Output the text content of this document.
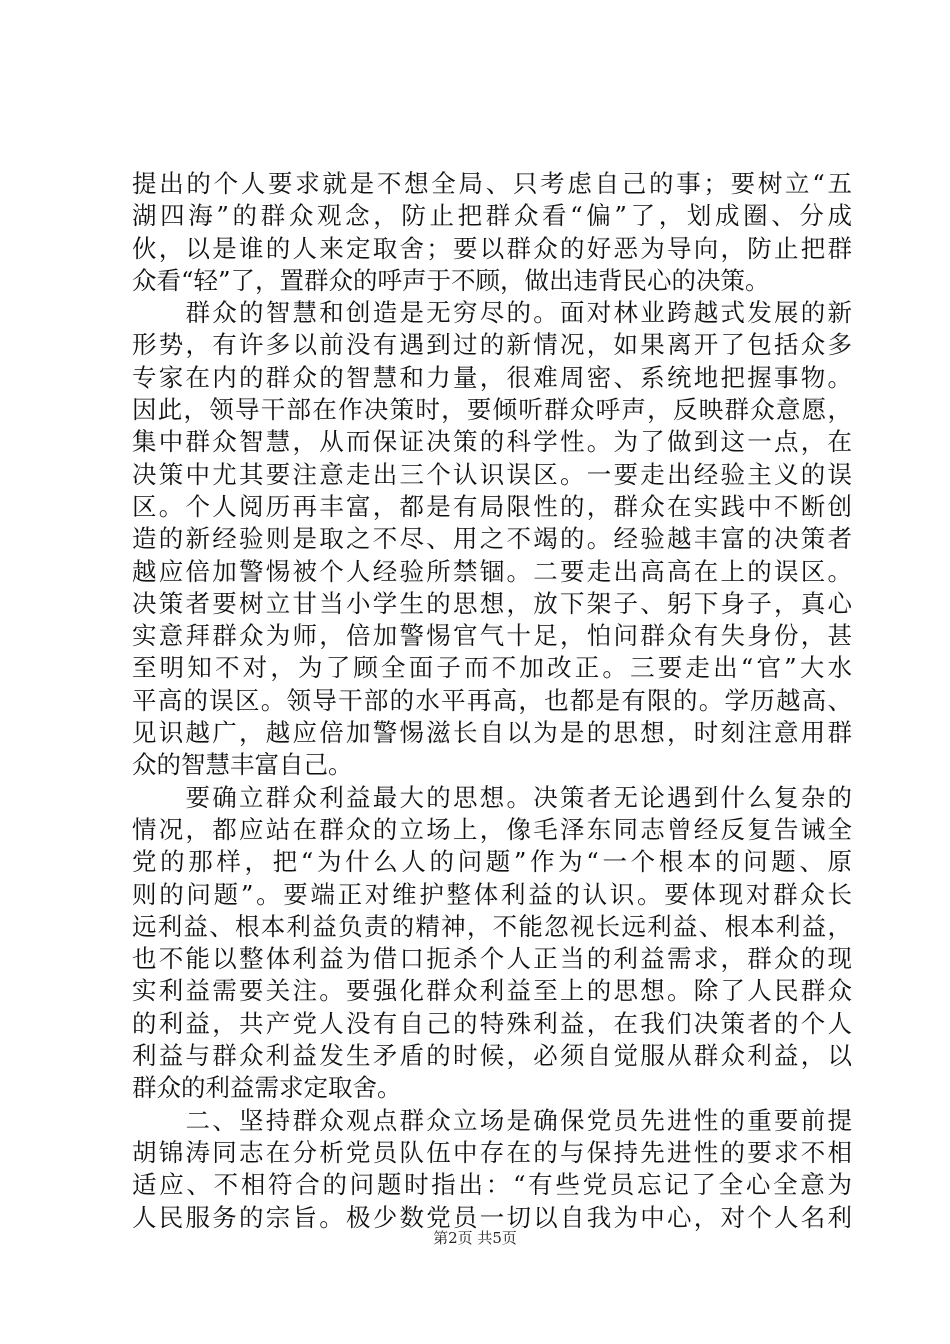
提出的个人要求就是不想全局、只考虑自己的事；要树立“五
湖四海”的群众观念，防止把群众看“偏”了，划成圈、分成
伙，以是谁的人来定取舍；要以群众的好恶为导向，防止把群
众看“轻”了，置群众的呼声于不顾，做出违背民心的决策。
　　群众的智慧和创造是无穷尽的。面对林业跨越式发展的新
形势，有许多以前没有遇到过的新情况，如果离开了包括众多
专家在内的群众的智慧和力量，很难周密、系统地把握事物。
因此，领导干部在作决策时，要倾听群众呼声，反映群众意愿，
集中群众智慧，从而保证决策的科学性。为了做到这一点，在
决策中尤其要注意走出三个认识误区。一要走出经验主义的误
区。个人阅历再丰富，都是有局限性的，群众在实践中不断创
造的新经验则是取之不尽、用之不竭的。经验越丰富的决策者
越应倍加警惕被个人经验所禁锢。二要走出高高在上的误区。
决策者要树立甘当小学生的思想，放下架子、躬下身子，真心
实意拜群众为师，倍加警惕官气十足，怕问群众有失身份，甚
至明知不对，为了顾全面子而不加改正。三要走出“官”大水
平高的误区。领导干部的水平再高，也都是有限的。学历越高、
见识越广，越应倍加警惕滋长自以为是的思想，时刻注意用群
众的智慧丰富自己。
　　要确立群众利益最大的思想。决策者无论遇到什么复杂的
情况，都应站在群众的立场上，像毛泽东同志曾经反复告诫全
党的那样，把“为什么人的问题”作为“一个根本的问题、原
则的问题”。要端正对维护整体利益的认识。要体现对群众长
远利益、根本利益负责的精神，不能忽视长远利益、根本利益，
也不能以整体利益为借口扼杀个人正当的利益需求，群众的现
实利益需要关注。要强化群众利益至上的思想。除了人民群众
的利益，共产党人没有自己的特殊利益，在我们决策者的个人
利益与群众利益发生矛盾的时候，必须自觉服从群众利益，以
群众的利益需求定取舍。
　　二、坚持群众观点群众立场是确保党员先进性的重要前提
胡锦涛同志在分析党员队伍中存在的与保持先进性的要求不相
适应、不相符合的问题时指出：“有些党员忘记了全心全意为
人民服务的宗旨。极少数党员一切以自我为中心，对个人名利
第2页 共5页
